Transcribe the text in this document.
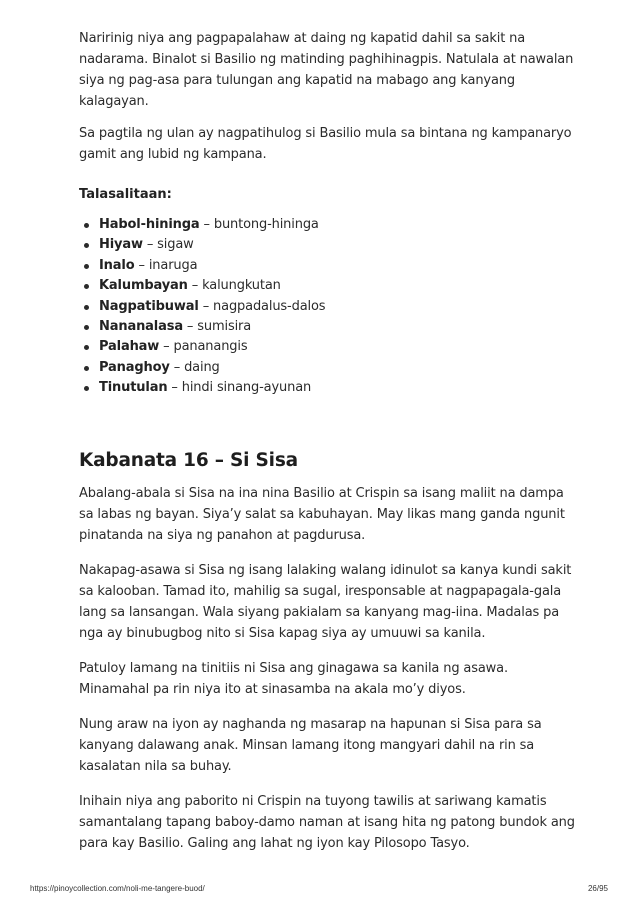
Naririnig niya ang pagpapalahaw at daing ng kapatid dahil sa sakit na nadarama. Binalot si Basilio ng matinding paghihinagpis. Natulala at nawalan siya ng pag-asa para tulungan ang kapatid na mabago ang kanyang kalagayan.

Sa pagtila ng ulan ay nagpatihulog si Basilio mula sa bintana ng kampanaryo gamit ang lubid ng kampana.

Talasalitaan:
Habol-hininga – buntong-hininga
Hiyaw – sigaw
Inalo – inaruga
Kalumbayan – kalungkutan
Nagpatibuwal – nagpadalus-dalos
Nananalasa – sumisira
Palahaw – pananangis
Panaghoy – daing
Tinutulan – hindi sinang-ayunan
Kabanata 16 – Si Sisa

Abalang-abala si Sisa na ina nina Basilio at Crispin sa isang maliit na dampa sa labas ng bayan. Siya’y salat sa kabuhayan. May likas mang ganda ngunit pinatanda na siya ng panahon at pagdurusa.

Nakapag-asawa si Sisa ng isang lalaking walang idinulot sa kanya kundi sakit sa kalooban. Tamad ito, mahilig sa sugal, iresponsable at nagpapagala-gala lang sa lansangan. Wala siyang pakialam sa kanyang mag-iina. Madalas pa nga ay binubugbog nito si Sisa kapag siya ay umuuwi sa kanila.

Patuloy lamang na tinitiis ni Sisa ang ginagawa sa kanila ng asawa. Minamahal pa rin niya ito at sinasamba na akala mo’y diyos.

Nung araw na iyon ay naghanda ng masarap na hapunan si Sisa para sa kanyang dalawang anak. Minsan lamang itong mangyari dahil na rin sa kasalatan nila sa buhay.

Inihain niya ang paborito ni Crispin na tuyong tawilis at sariwang kamatis samantalang tapang baboy-damo naman at isang hita ng patong bundok ang para kay Basilio. Galing ang lahat ng iyon kay Pilosopo Tasyo.

https://pinoycollection.com/noli-me-tangere-buod/	26/95
